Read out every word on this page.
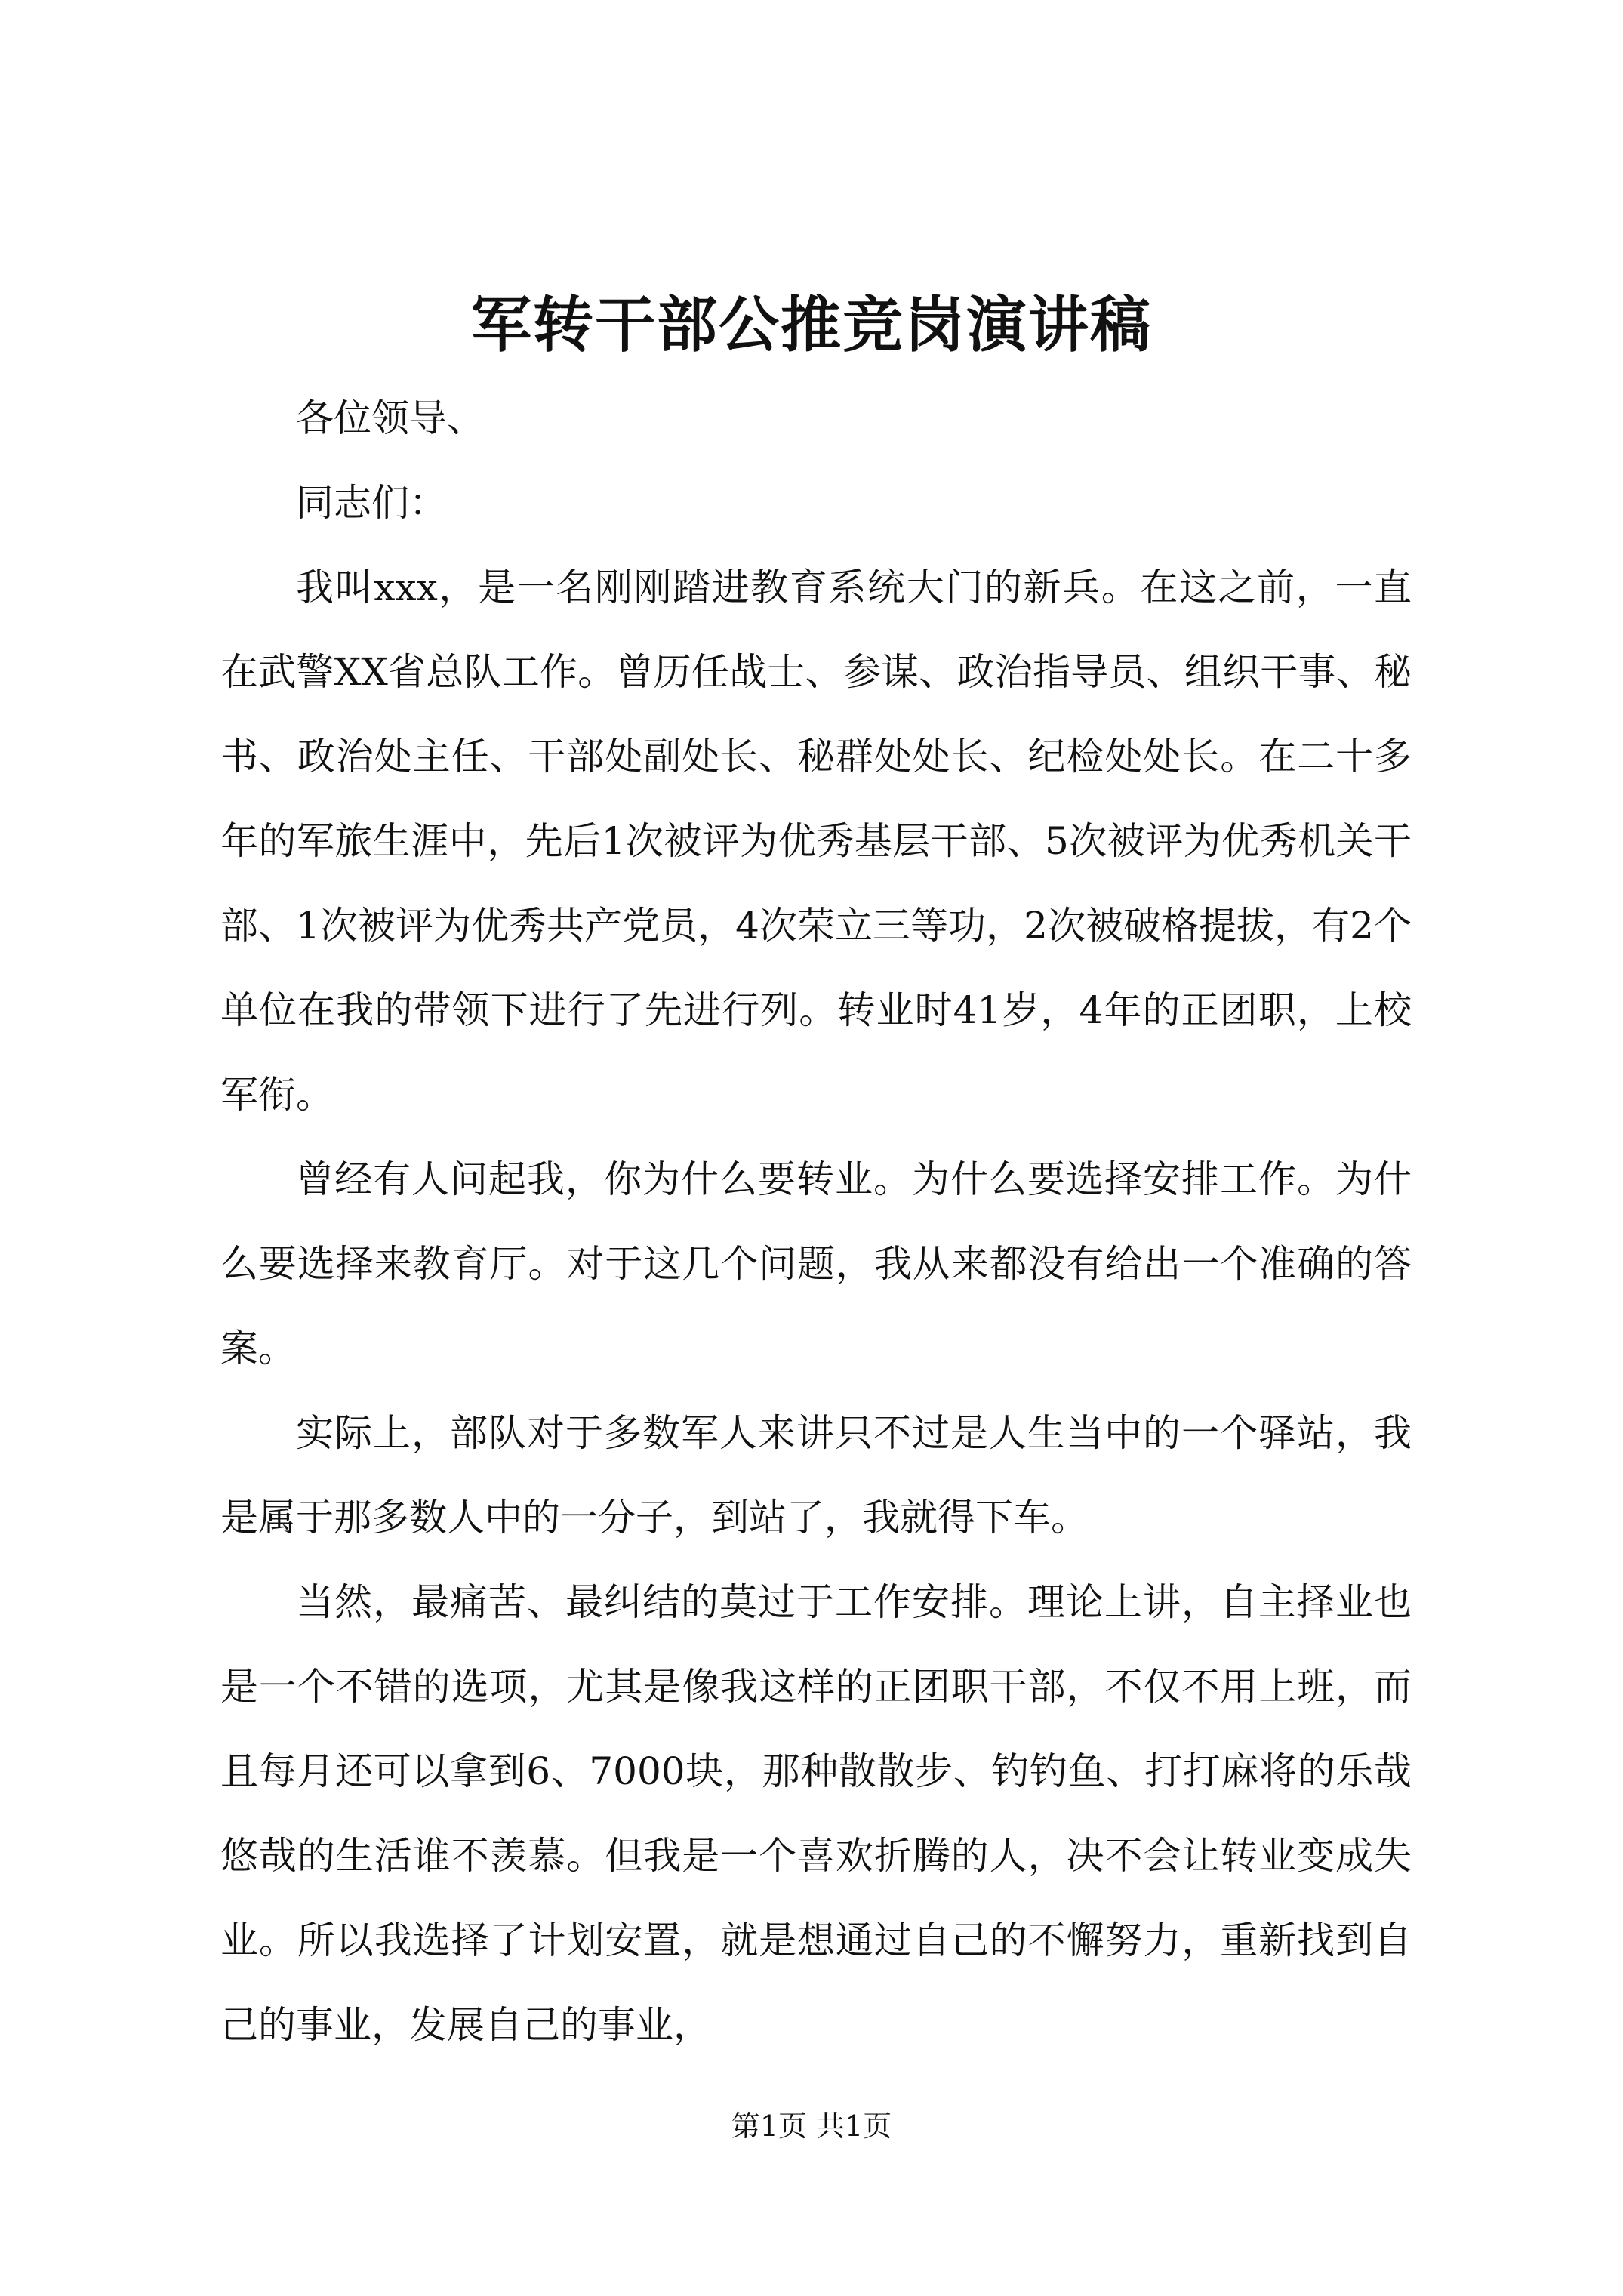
军转干部公推竞岗演讲稿

各位领导、

同志们：

我叫xxx，是一名刚刚踏进教育系统大门的新兵。在这之前，一直在武警XX省总队工作。曾历任战士、参谋、政治指导员、组织干事、秘书、政治处主任、干部处副处长、秘群处处长、纪检处处长。在二十多年的军旅生涯中，先后1次被评为优秀基层干部、5次被评为优秀机关干部、1次被评为优秀共产党员，4次荣立三等功，2次被破格提拔，有2个单位在我的带领下进行了先进行列。转业时41岁，4年的正团职，上校军衔。

曾经有人问起我，你为什么要转业。为什么要选择安排工作。为什么要选择来教育厅。对于这几个问题，我从来都没有给出一个准确的答案。

实际上，部队对于多数军人来讲只不过是人生当中的一个驿站，我是属于那多数人中的一分子，到站了，我就得下车。

当然，最痛苦、最纠结的莫过于工作安排。理论上讲，自主择业也是一个不错的选项，尤其是像我这样的正团职干部，不仅不用上班，而且每月还可以拿到6、7000块，那种散散步、钓钓鱼、打打麻将的乐哉悠哉的生活谁不羡慕。但我是一个喜欢折腾的人，决不会让转业变成失业。所以我选择了计划安置，就是想通过自己的不懈努力，重新找到自己的事业，发展自己的事业，

第1页 共1页
